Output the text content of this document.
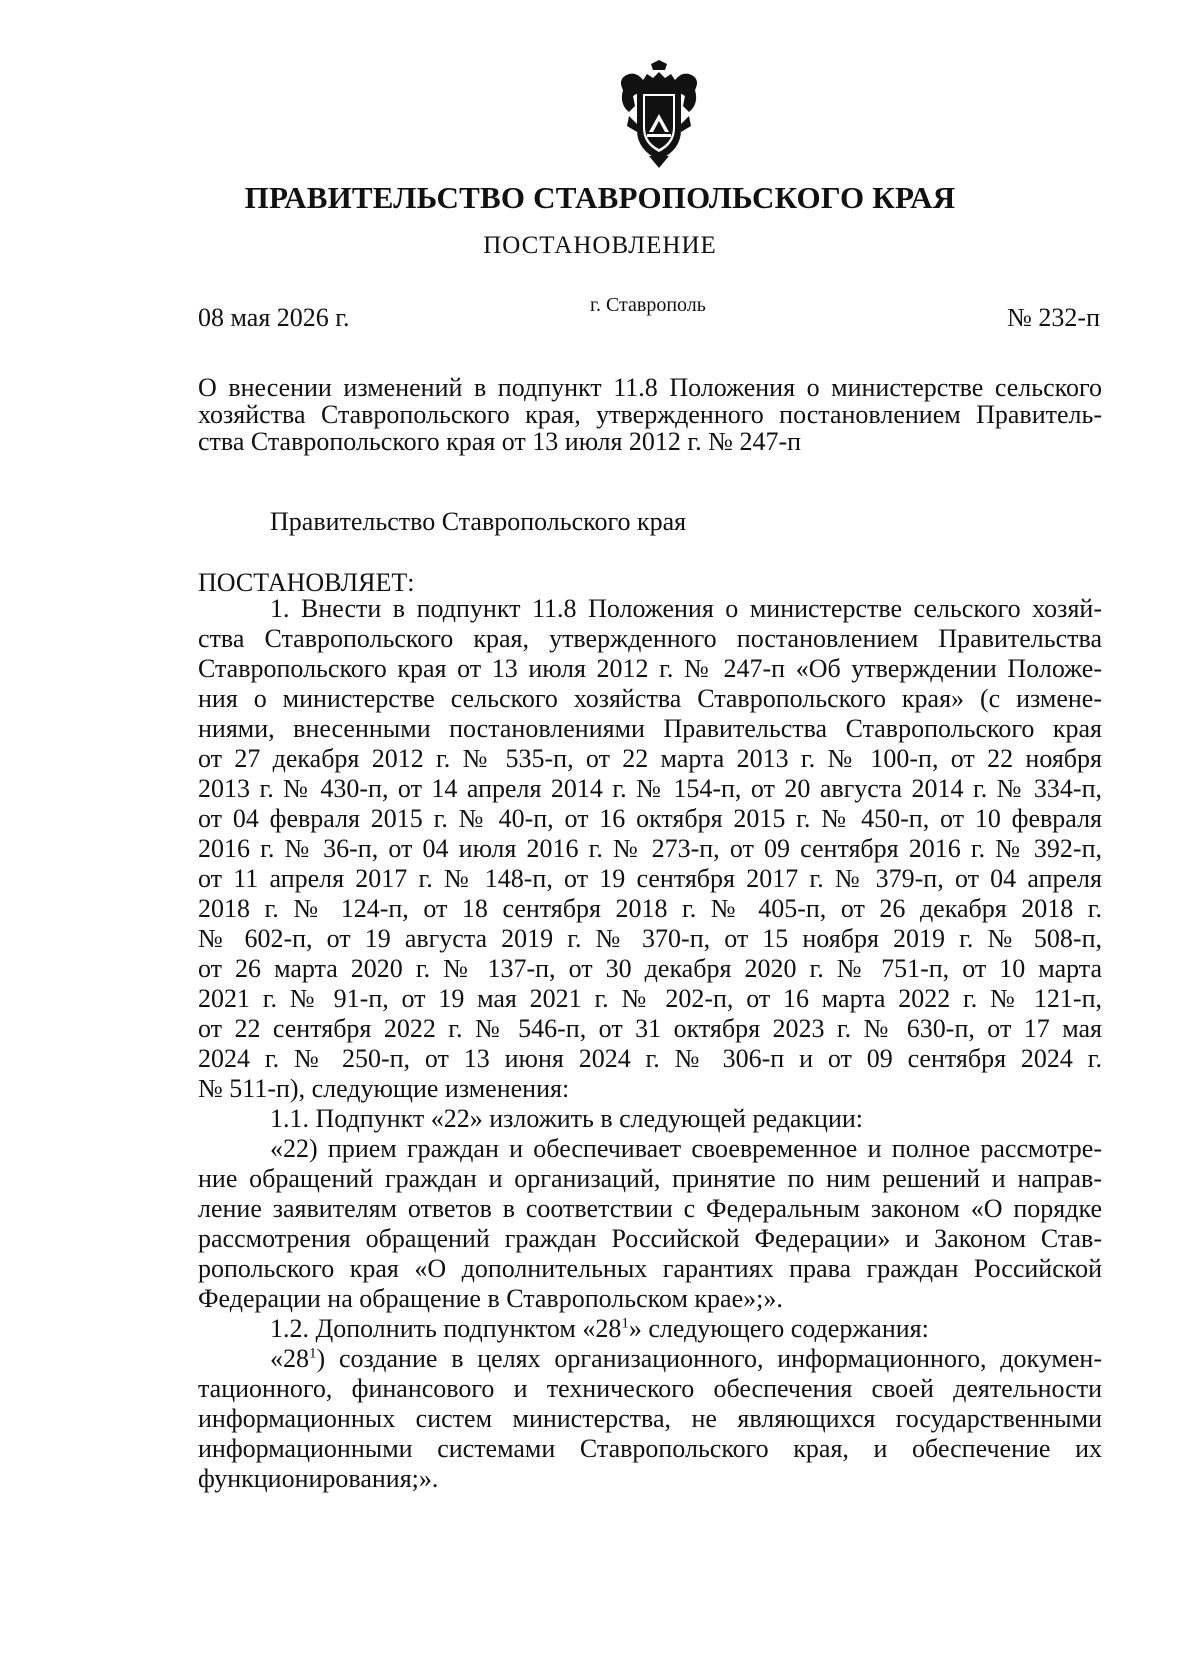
ПРАВИТЕЛЬСТВО СТАВРОПОЛЬСКОГО КРАЯ
ПОСТАНОВЛЕНИЕ
08 мая 2026 г.	г. Ставрополь	№ 232-п
О внесении изменений в подпункт 11.8 Положения о министерстве сельского
хозяйства Ставропольского края, утвержденного постановлением Правитель-
ства Ставропольского края от 13 июля 2012 г. № 247-п
Правительство Ставропольского края
ПОСТАНОВЛЯЕТ:
1. Внести в подпункт 11.8 Положения о министерстве сельского хозяй-
ства Ставропольского края, утвержденного постановлением Правительства
Ставропольского края от 13 июля 2012 г. № 247-п «Об утверждении Положе-
ния о министерстве сельского хозяйства Ставропольского края» (с измене-
ниями, внесенными постановлениями Правительства Ставропольского края
от 27 декабря 2012 г. № 535-п, от 22 марта 2013 г. № 100-п, от 22 ноября
2013 г. № 430-п, от 14 апреля 2014 г. № 154-п, от 20 августа 2014 г. № 334-п,
от 04 февраля 2015 г. № 40-п, от 16 октября 2015 г. № 450-п, от 10 февраля
2016 г. № 36-п, от 04 июля 2016 г. № 273-п, от 09 сентября 2016 г. № 392-п,
от 11 апреля 2017 г. № 148-п, от 19 сентября 2017 г. № 379-п, от 04 апреля
2018 г. № 124-п, от 18 сентября 2018 г. № 405-п, от 26 декабря 2018 г.
№ 602-п, от 19 августа 2019 г. № 370-п, от 15 ноября 2019 г. № 508-п,
от 26 марта 2020 г. № 137-п, от 30 декабря 2020 г. № 751-п, от 10 марта
2021 г. № 91-п, от 19 мая 2021 г. № 202-п, от 16 марта 2022 г. № 121-п,
от 22 сентября 2022 г. № 546-п, от 31 октября 2023 г. № 630-п, от 17 мая
2024 г. № 250-п, от 13 июня 2024 г. № 306-п и от 09 сентября 2024 г.
№ 511-п), следующие изменения:
1.1. Подпункт «22» изложить в следующей редакции:
«22) прием граждан и обеспечивает своевременное и полное рассмотре-
ние обращений граждан и организаций, принятие по ним решений и направ-
ление заявителям ответов в соответствии с Федеральным законом «О порядке
рассмотрения обращений граждан Российской Федерации» и Законом Став-
ропольского края «О дополнительных гарантиях права граждан Российской
Федерации на обращение в Ставропольском крае»;».
1.2. Дополнить подпунктом «$28^1$» следующего содержания:
«$28^1$) создание в целях организационного, информационного, докумен-
тационного, финансового и технического обеспечения своей деятельности
информационных систем министерства, не являющихся государственными
информационными системами Ставропольского края, и обеспечение их
функционирования;».
